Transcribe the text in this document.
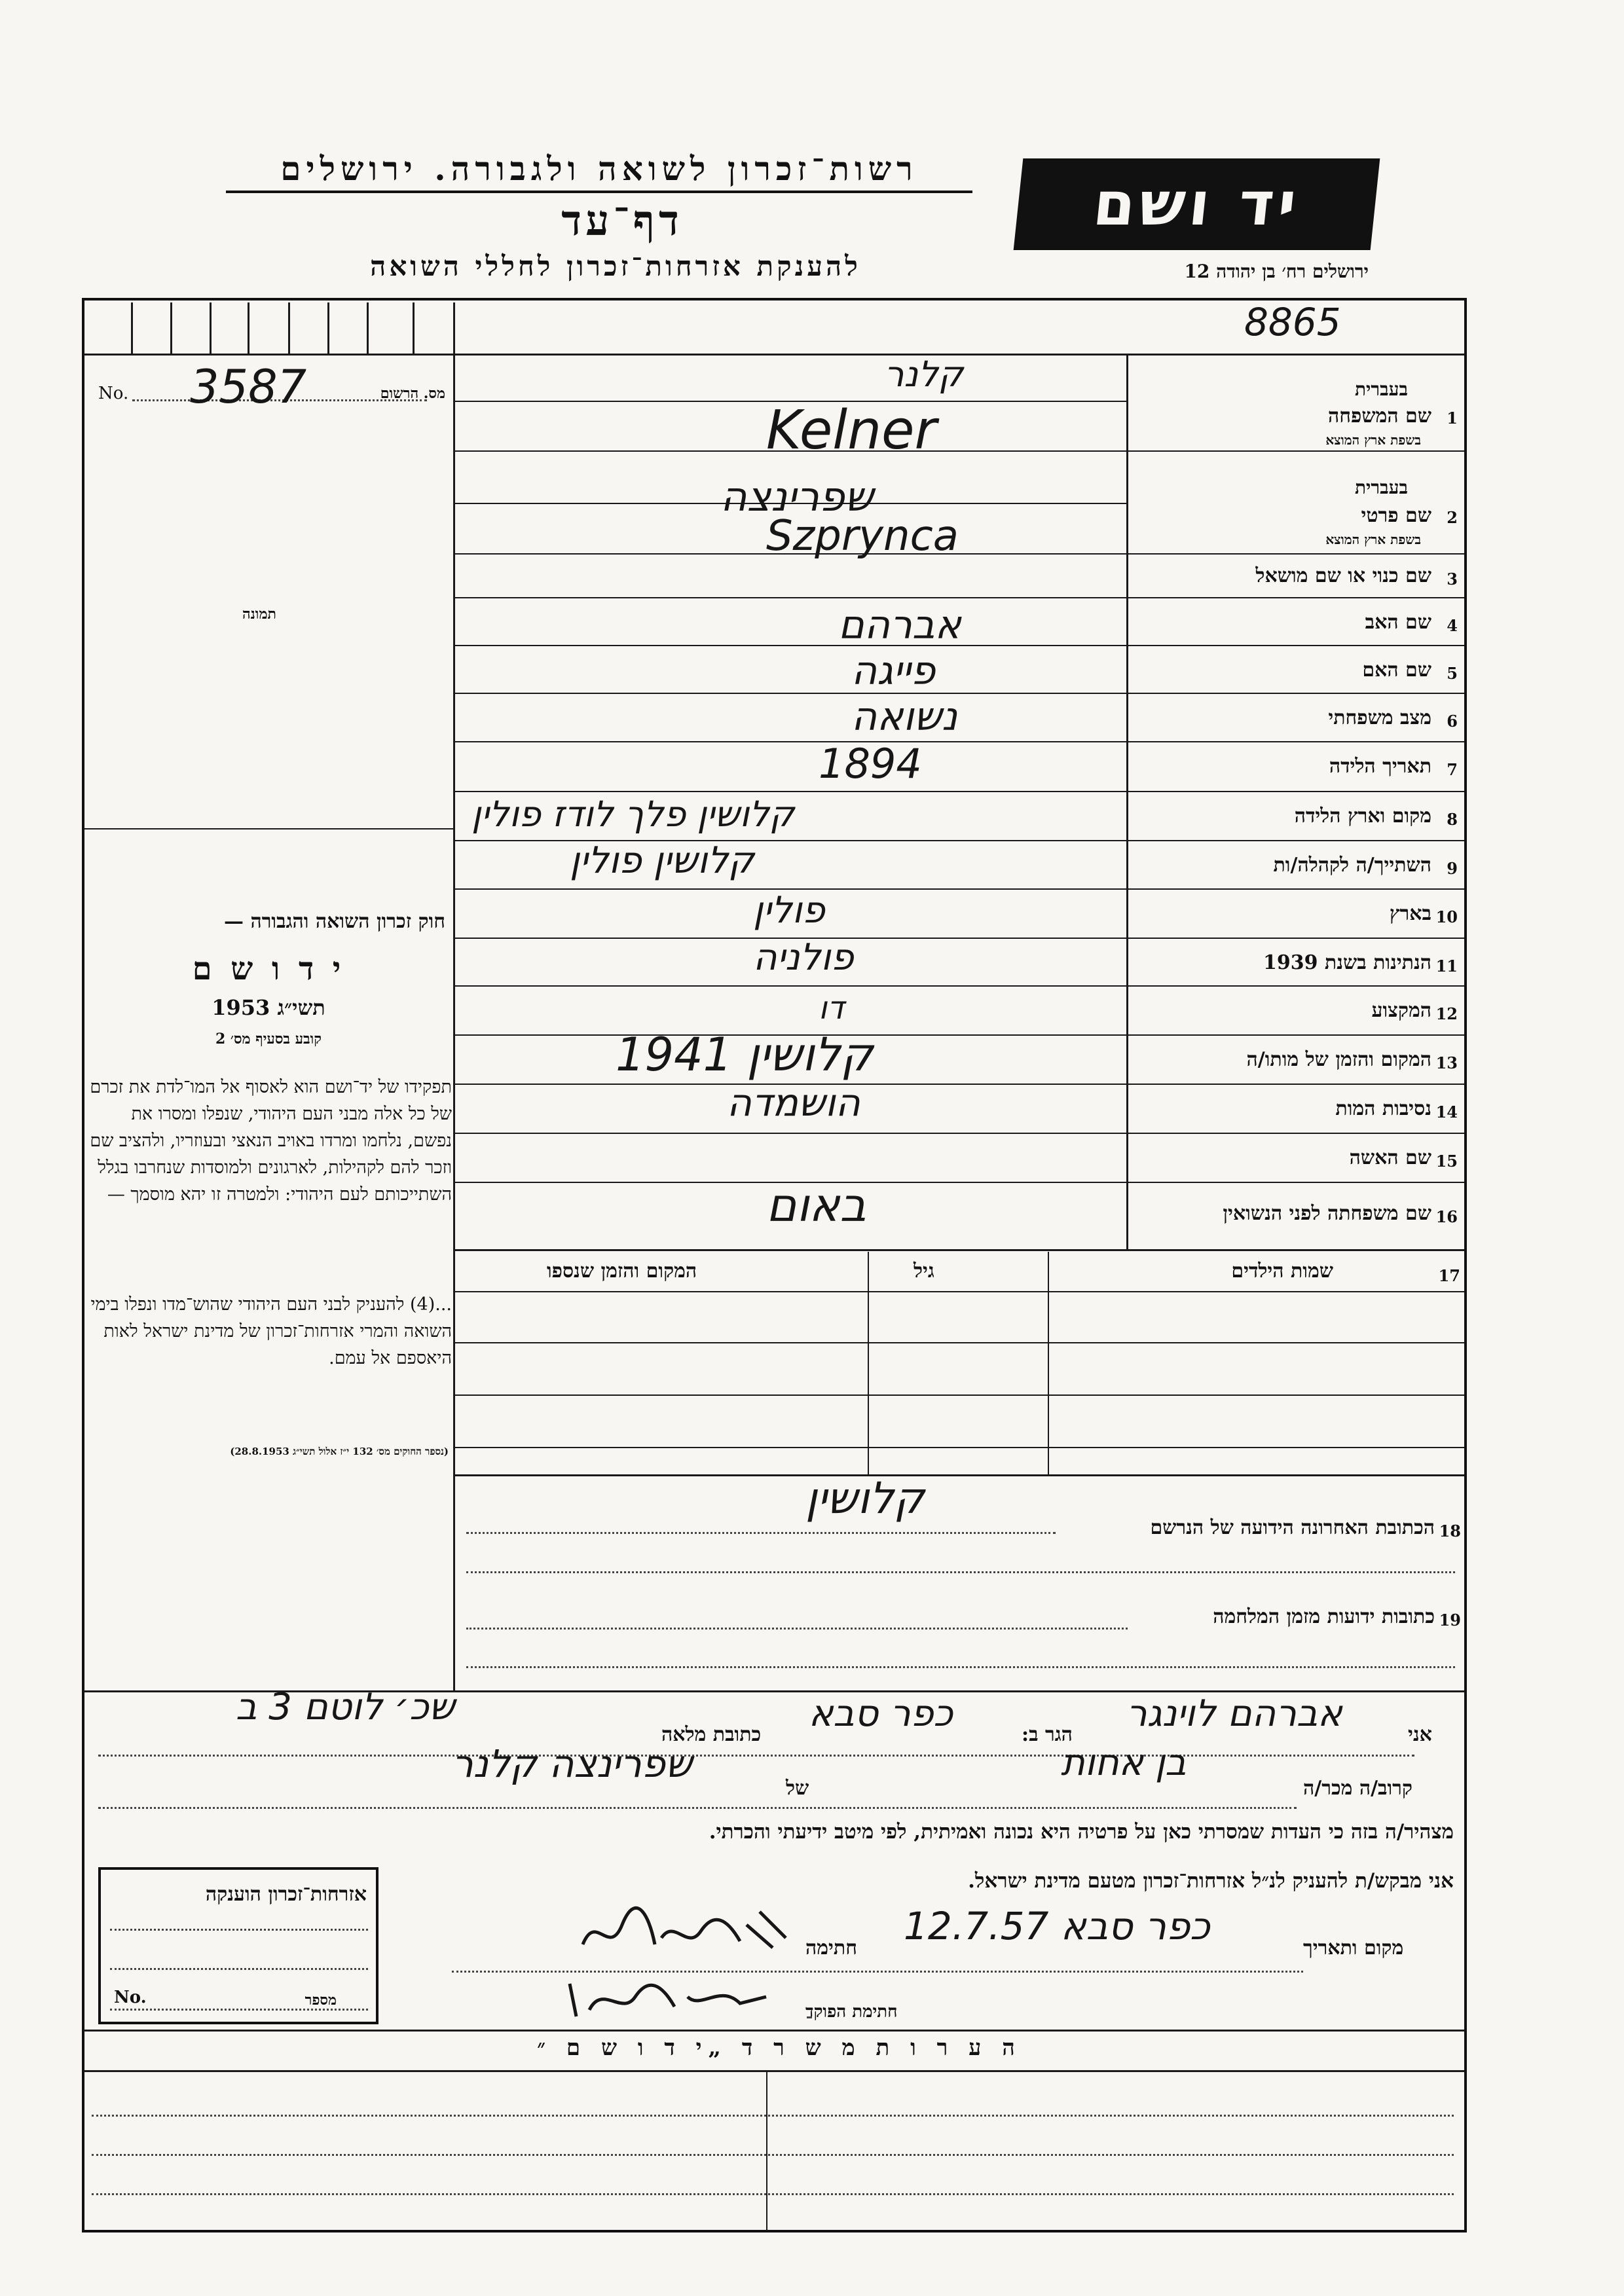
רשות־זכרון לשואה ולגבורה. ירושלים
דף־עד
להענקת אזרחות־זכרון לחללי השואה
יד ושם
ירושלים רח׳ בן יהודה 12
8865
No. 3587	מס. הרשום
תמונה
חוק זכרון השואה והגבורה —
י ד ו ש ם
תשי״ג 1953
קובע בסעיף מס׳ 2
תפקידו של יד־ושם הוא לאסוף אל המו־לדת את זכרם של כל אלה מבני העם היהודי, שנפלו ומסרו את נפשם, נלחמו ומרדו באויב הנאצי ובעוזריו, ולהציב שם וזכר להם לקהילות, לארגונים ולמוסדות שנחרבו בגלל השתייכותם לעם היהודי: ולמטרה זו יהא מוסמך —
...(4) להעניק לבני העם היהודי שהוש־מדו ונפלו בימי השואה והמרי אזרחות־זכרון של מדינת ישראל לאות היאספם אל עמם.
(נספר החוקים מס׳ 132 י״ז אלול תשי״ג 28.8.1953)
1
שם המשפחה
בעברית
בשפת ארץ המוצא
קלנר
Kelner
2
שם פרטי
בעברית
בשפת ארץ המוצא
שפרינצה
Szprynca
3
שם כנוי או שם מושאל
4
שם האב
אברהם
5
שם האם
פייגה
6
מצב משפחתי
נשואה
7
תאריך הלידה
1894
8
מקום וארץ הלידה
קלושין פלך לודז פולין
9
השתייך/ה לקהלה/ות
קלושין פולין
10
בארץ
פולין
11
הנתינות בשנת 1939
פולניה
12
המקצוע
דו
13
המקום והזמן של מותו/ה
קלושין 1941
14
נסיבות המות
הושמדה
15
שם האשה
16
שם משפחתה לפני הנשואין
באום
17
שמות הילדים
גיל
המקום והזמן שנספו
18
הכתובת האחרונה הידועה של הנרשם
קלושין
19
כתובות ידועות מזמן המלחמה
אני
אברהם לוינגר
הגר ב:
כפר סבא
כתובת מלאה
שכ׳ לוטם 3 ב
קרוב/ה מכר/ה
בן אחות
של
שפרינצה קלנר
מצהיר/ה בזה כי העדות שמסרתי כאן על פרטיה היא נכונה ואמיתית, לפי מיטב ידיעתי והכרתי.
אני מבקש/ת להעניק לנ״ל אזרחות־זכרון מטעם מדינת ישראל.
מקום ותאריך
כפר סבא 12.7.57
חתימה
חתימת הפוקד
אזרחות־זכרון הוענקה
No.	מספר
ה ע ר ו ת מ ש ר ד „י ד ו ש ם ״
